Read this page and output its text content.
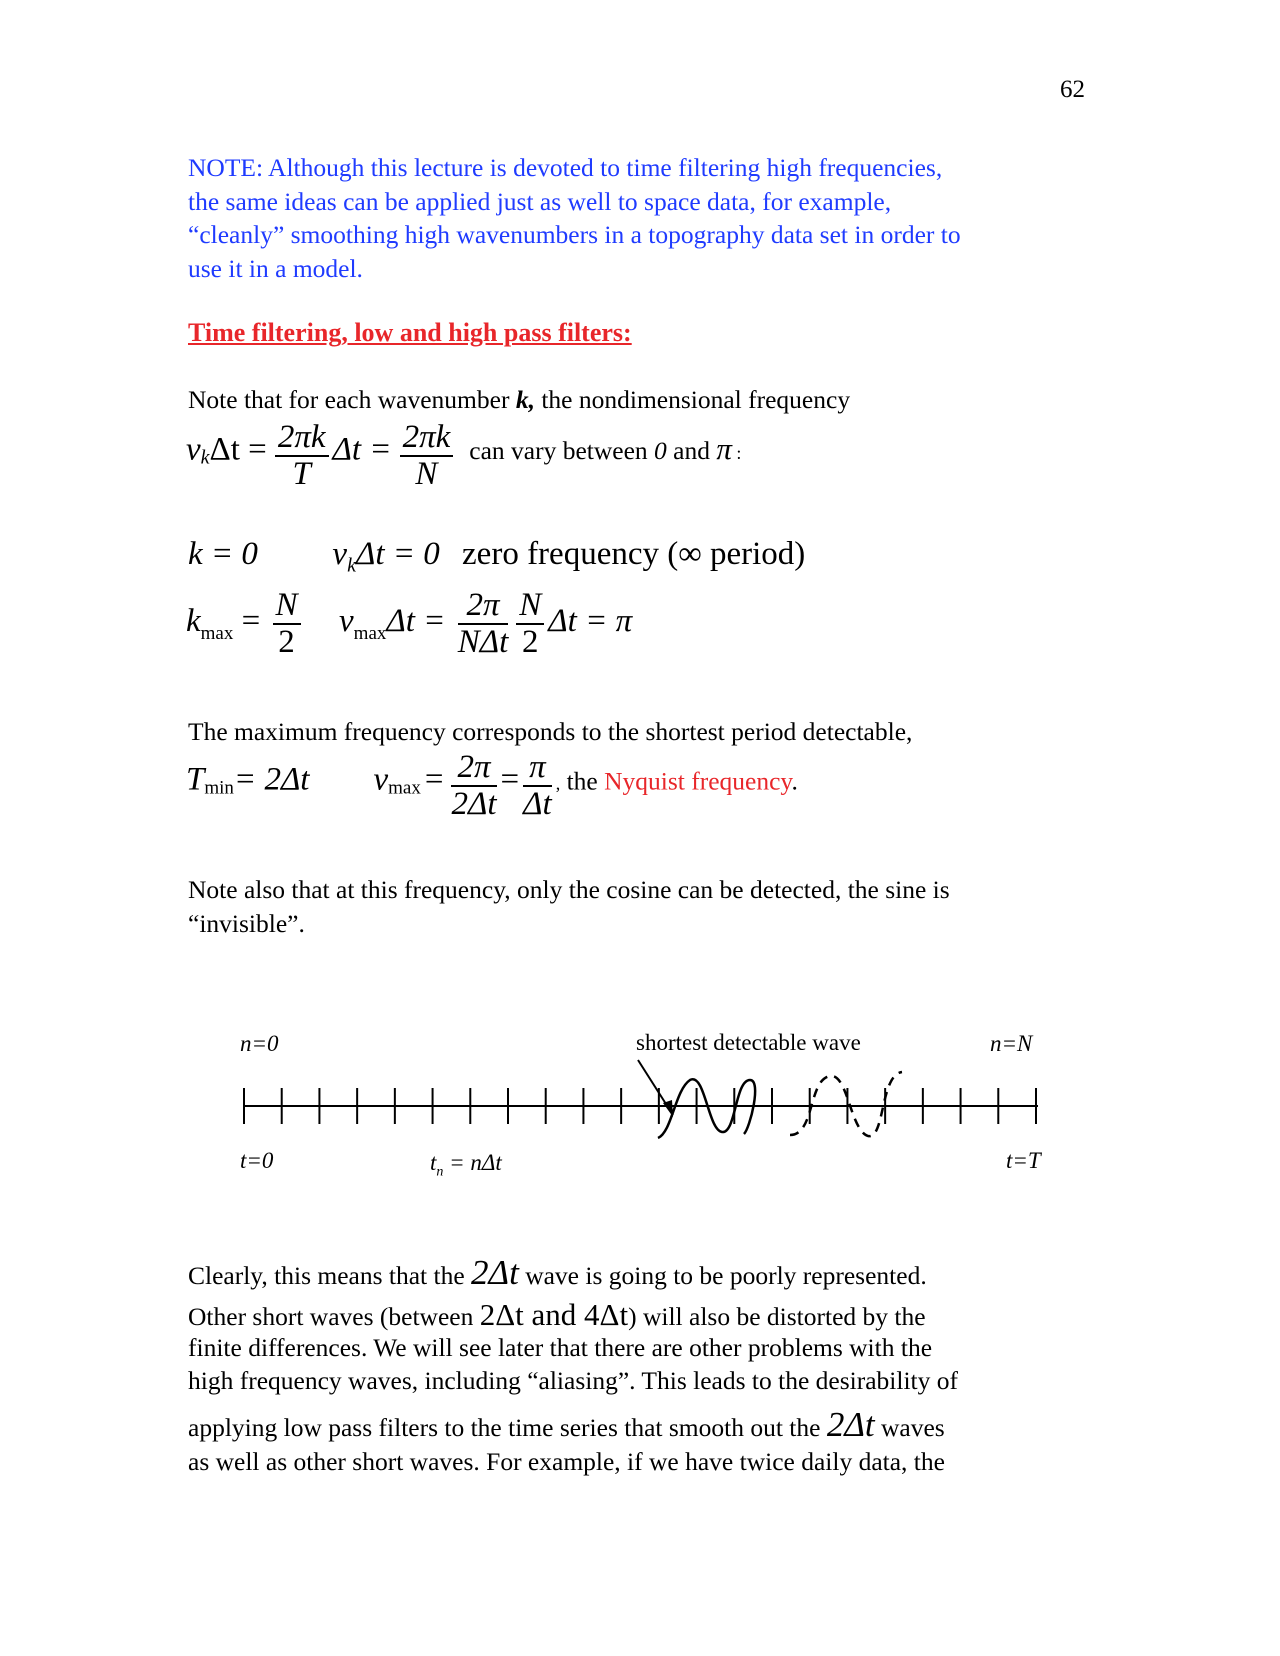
62
NOTE: Although this lecture is devoted to time filtering high frequencies,
the same ideas can be applied just as well to space data, for example,
“cleanly” smoothing high wavenumbers in a topography data set in order to
use it in a model.
Time filtering, low and high pass filters:
Note that for each wavenumber k, the nondimensional frequency
$\nu_k\Delta t = \frac{2\pi k}{T}$ $\Delta t = \frac{2\pi k}{N}$ can vary between 0 and π :
k = 0 $\nu_k\Delta t = 0$ zero frequency (∞ period)
$k_{max} = \frac{N}{2} \nu_{max}\Delta t = \frac{2\pi}{\text{NΔt}} \frac{N}{2}$ Δt = π
The maximum frequency corresponds to the shortest period detectable,
$T_{min}= 2\Delta t$ $\nu_{max} = \frac{2\pi}{2\Delta t} = \frac{\pi}{\Delta t}$ , the Nyquist frequency.
Note also that at this frequency, only the cosine can be detected, the sine is
“invisible”.
n=0	shortest detectable wave	n=N
t=0	$t_n = n\Delta t$	t=T
Clearly, this means that the 2Δt wave is going to be poorly represented.
Other short waves (between 2Δt and 4Δt) will also be distorted by the
finite differences. We will see later that there are other problems with the
high frequency waves, including “aliasing”. This leads to the desirability of
applying low pass filters to the time series that smooth out the 2Δt waves
as well as other short waves. For example, if we have twice daily data, the
